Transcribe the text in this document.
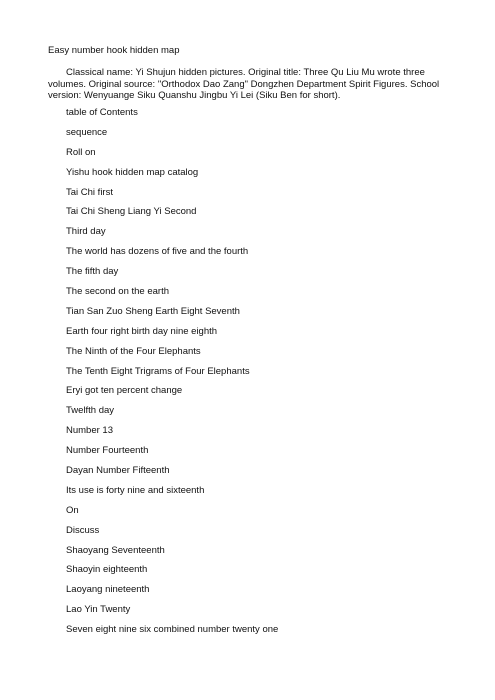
Easy number hook hidden map

Classical name: Yi Shujun hidden pictures. Original title: Three Qu Liu Mu wrote three volumes. Original source: "Orthodox Dao Zang" Dongzhen Department Spirit Figures. School version: Wenyuange Siku Quanshu Jingbu Yi Lei (Siku Ben for short).

table of Contents
sequence
Roll on
Yishu hook hidden map catalog
Tai Chi first
Tai Chi Sheng Liang Yi Second
Third day
The world has dozens of five and the fourth
The fifth day
The second on the earth
Tian San Zuo Sheng Earth Eight Seventh
Earth four right birth day nine eighth
The Ninth of the Four Elephants
The Tenth Eight Trigrams of Four Elephants
Eryi got ten percent change
Twelfth day
Number 13
Number Fourteenth
Dayan Number Fifteenth
Its use is forty nine and sixteenth
On
Discuss
Shaoyang Seventeenth
Shaoyin eighteenth
Laoyang nineteenth
Lao Yin Twenty
Seven eight nine six combined number twenty one
